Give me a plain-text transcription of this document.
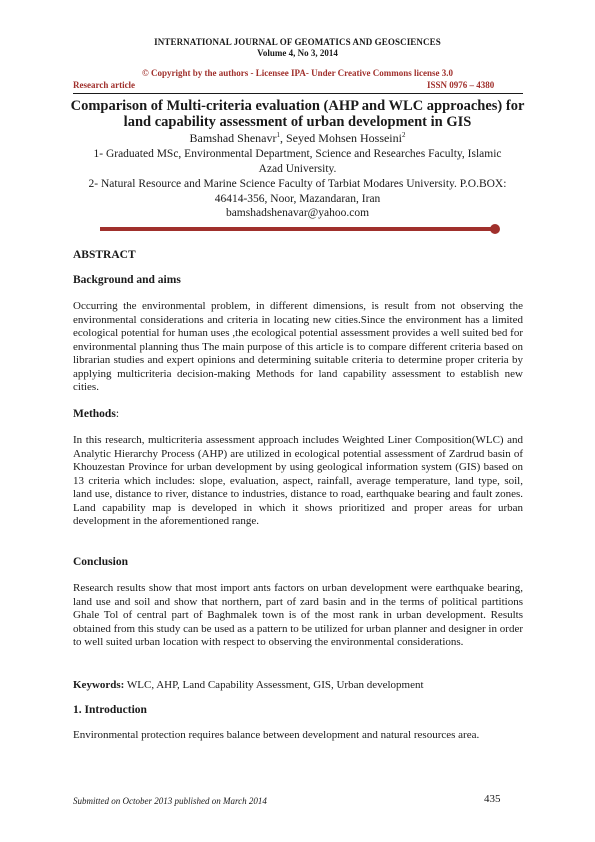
INTERNATIONAL JOURNAL OF GEOMATICS AND GEOSCIENCES
Volume 4, No 3, 2014
© Copyright by the authors - Licensee IPA- Under Creative Commons license 3.0
Research article	ISSN 0976 – 4380
Comparison of Multi-criteria evaluation (AHP and WLC approaches) for
land capability assessment of urban development in GIS
Bamshad Shenavr$^1$, Seyed Mohsen Hosseini$^2$
1- Graduated MSc, Environmental Department, Science and Researches Faculty, Islamic
Azad University.
2- Natural Resource and Marine Science Faculty of Tarbiat Modares University. P.O.BOX:
46414-356, Noor, Mazandaran, Iran
bamshadshenavar@yahoo.com
ABSTRACT
Background and aims
Occurring the environmental problem, in different dimensions, is result from not observing the environmental considerations and criteria in locating new cities.Since the environment has a limited ecological potential for human uses ,the ecological potential assessment provides a well suited bed for environmental planning thus The main purpose of this article is to compare different criteria based on librarian studies and expert opinions and determining suitable criteria to determine proper criteria by applying multicriteria decision-making Methods for land capability assessment to establish new cities.
Methods:
In this research, multicriteria assessment approach includes Weighted Liner Composition(WLC) and Analytic Hierarchy Process (AHP) are utilized in ecological potential assessment of Zardrud basin of Khouzestan Province for urban development by using geological information system (GIS) based on 13 criteria which includes: slope, evaluation, aspect, rainfall, average temperature, land type, soil, land use, distance to river, distance to industries, distance to road, earthquake bearing and fault zones. Land capability map is developed in which it shows prioritized and proper areas for urban development in the aforementioned range.
Conclusion
Research results show that most import ants factors on urban development were earthquake bearing, land use and soil and show that northern, part of zard basin and in the terms of political partitions Ghale Tol of central part of Baghmalek town is of the most rank in urban development. Results obtained from this study can be used as a pattern to be utilized for urban planner and designer in order to well suited urban location with respect to observing the environmental considerations.
Keywords: WLC, AHP, Land Capability Assessment, GIS, Urban development
1. Introduction
Environmental protection requires balance between development and natural resources area.
Submitted on October 2013 published on March 2014	435
